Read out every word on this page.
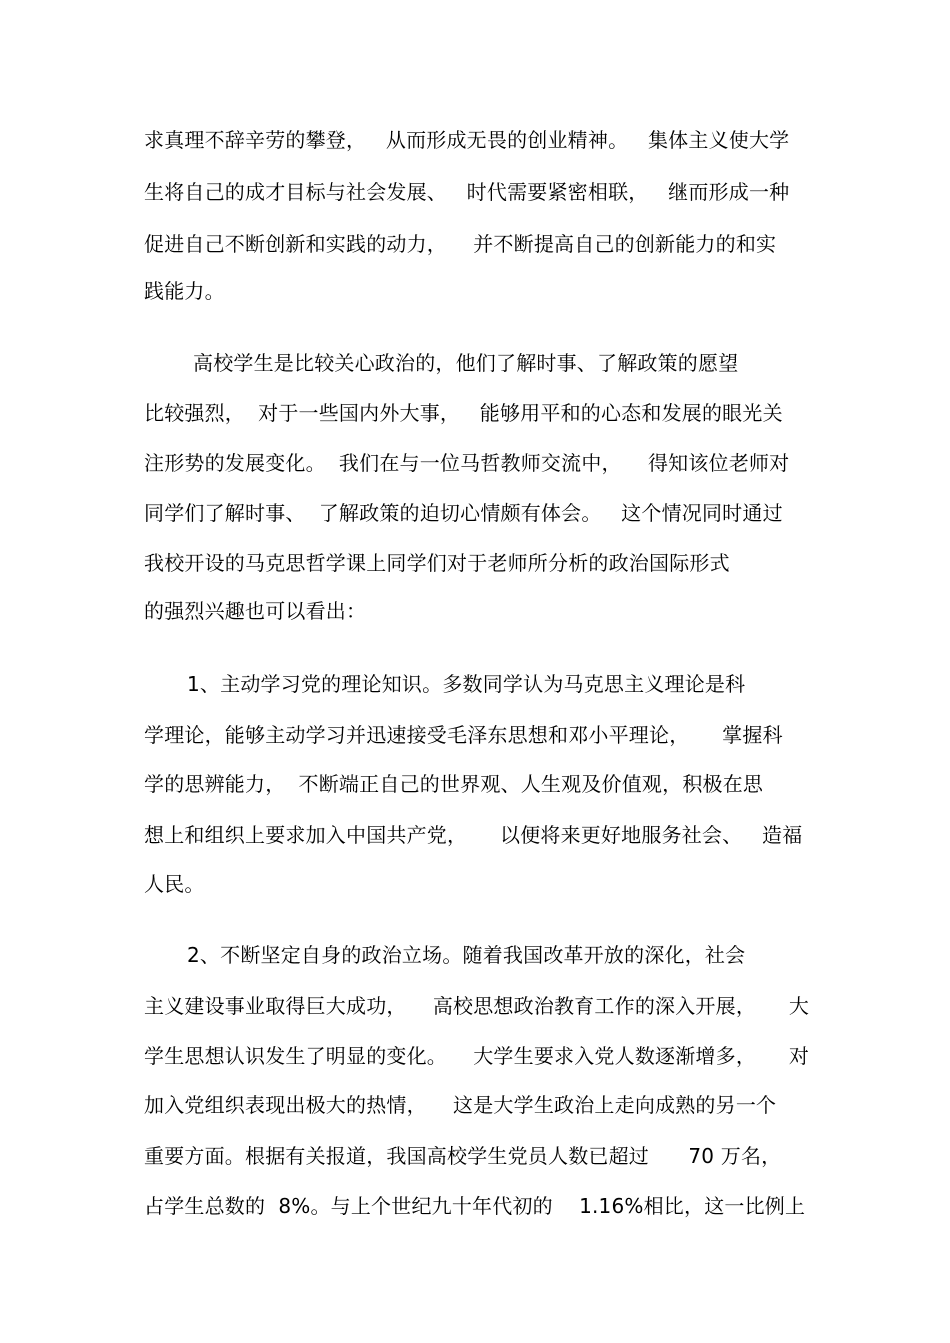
求真理不辞辛劳的攀登，   从而形成无畏的创业精神。   集体主义使大学
生将自己的成才目标与社会发展、   时代需要紧密相联，   继而形成一种
促进自己不断创新和实践的动力，    并不断提高自己的创新能力的和实
践能力。
高校学生是比较关心政治的，他们了解时事、了解政策的愿望
比较强烈，  对于一些国内外大事，   能够用平和的心态和发展的眼光关
注形势的发展变化。  我们在与一位马哲教师交流中，    得知该位老师对
同学们了解时事、  了解政策的迫切心情颇有体会。   这个情况同时通过
我校开设的马克思哲学课上同学们对于老师所分析的政治国际形式
的强烈兴趣也可以看出：
1、主动学习党的理论知识。多数同学认为马克思主义理论是科
学理论，能够主动学习并迅速接受毛泽东思想和邓小平理论，     掌握科
学的思辨能力，  不断端正自己的世界观、人生观及价值观，积极在思
想上和组织上要求加入中国共产党，     以便将来更好地服务社会、   造福
人民。
2、不断坚定自身的政治立场。随着我国改革开放的深化，社会
主义建设事业取得巨大成功，    高校思想政治教育工作的深入开展，     大
学生思想认识发生了明显的变化。    大学生要求入党人数逐渐增多，     对
加入党组织表现出极大的热情，    这是大学生政治上走向成熟的另一个
重要方面。根据有关报道，我国高校学生党员人数已超过      70 万名，
占学生总数的  8%。与上个世纪九十年代初的    1.16%相比，这一比例上
